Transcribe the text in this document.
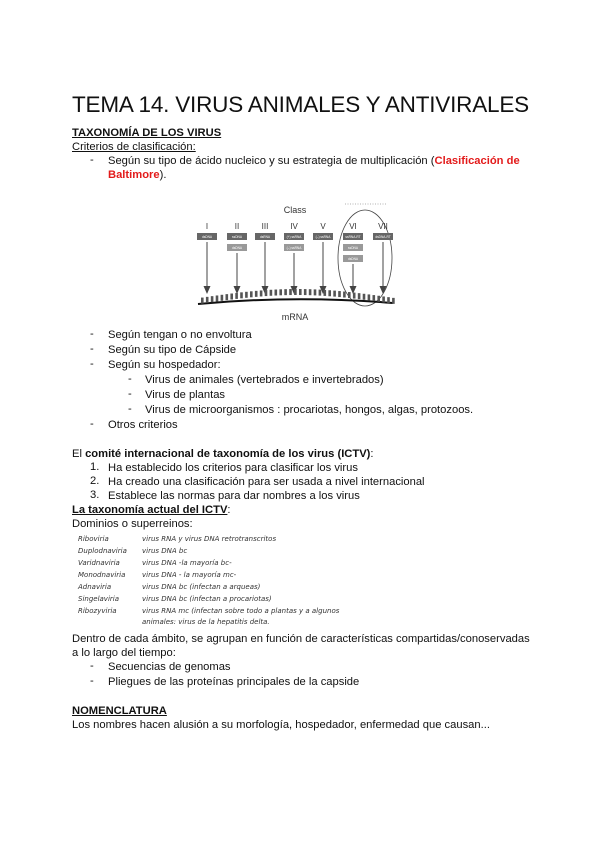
TEMA 14. VIRUS ANIMALES Y ANTIVIRALES
TAXONOMÍA DE LOS VIRUS
Criterios de clasificación:
- Según su tipo de ácido nucleico y su estrategia de multiplicación (Clasificación de
Baltimore).
Class
I
dsDNA
II
ssDNA
dsDNA
III
dsRNA
IV
(+) ssRNA
(–) ssRNA
V
(–) ssRNA
VI
ssRNA-RT
ssDNA
dsDNA
VII
dsDNA-RT
mRNA
- Según tengan o no envoltura
- Según su tipo de Cápside
- Según su hospedador:
- Virus de animales (vertebrados e invertebrados)
- Virus de plantas
- Virus de microorganismos : procariotas, hongos, algas, protozoos.
- Otros criterios
El comité internacional de taxonomía de los virus (ICTV):
1. Ha establecido los criterios para clasificar los virus
2. Ha creado una clasificación para ser usada a nivel internacional
3. Establece las normas para dar nombres a los virus
La taxonomía actual del ICTV:
Dominios o superreinos:
Riboviria	virus RNA y virus DNA retrotranscritos
Duplodnaviria virus DNA bc
Varidnaviria	virus DNA -la mayoría bc-
Monodnaviria virus DNA - la mayoría mc-
Adnaviria	virus DNA bc (infectan a arqueas)
Singelaviria	virus DNA bc (infectan a procariotas)
Ribozyviria	virus RNA mc (infectan sobre todo a plantas y a algunos
animales: virus de la hepatitis delta.
Dentro de cada ámbito, se agrupan en función de características compartidas/conoservadas
a lo largo del tiempo:
- Secuencias de genomas
- Pliegues de las proteínas principales de la capside
NOMENCLATURA
Los nombres hacen alusión a su morfología, hospedador, enfermedad que causan...
